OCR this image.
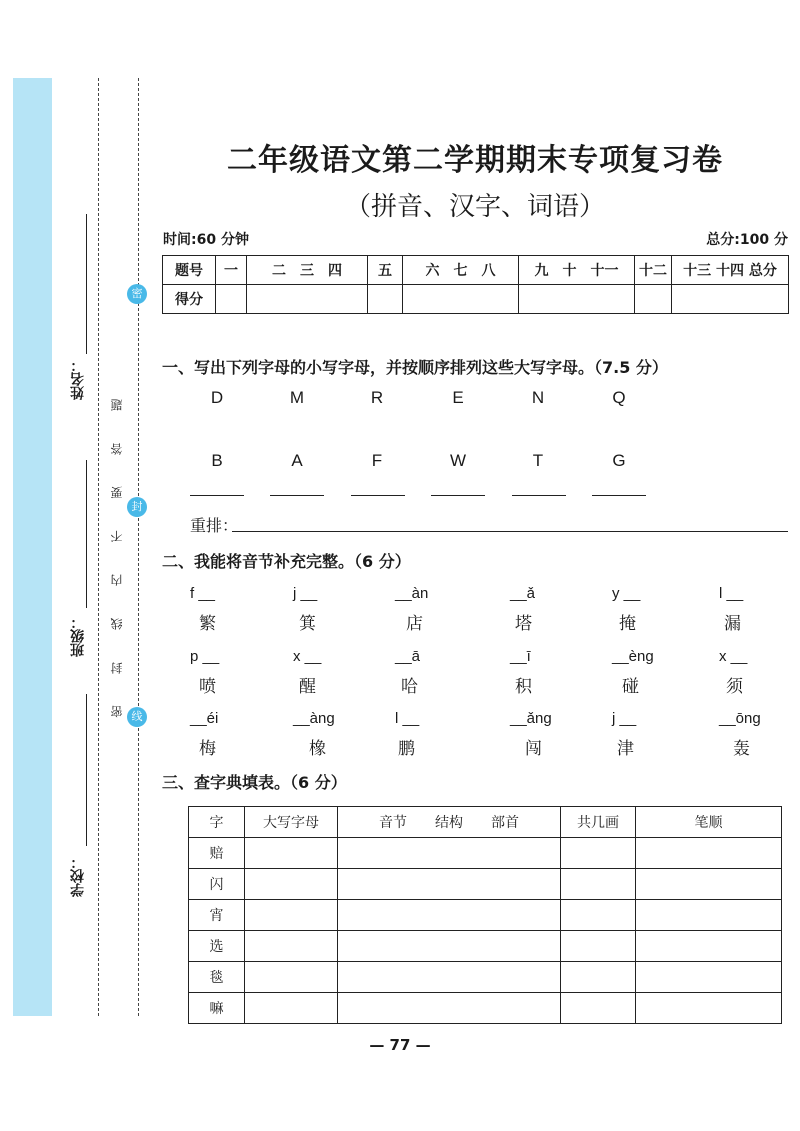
学校：
班级：
姓名：
密
封
线
密 封 线 内 不 要 答 题
二年级语文第二学期期末专项复习卷
（拼音、汉字、词语）
时间:60 分钟	总分:100 分
题号	一	二　三　四	五	六　七　八	九　十　十一	十二	十三 十四 总分
得分							
一、写出下列字母的小写字母，并按顺序排列这些大写字母。（7.5 分）
D	M	R	E	N	Q
B	A	F	W	T	G
重排：
二、我能将音节补充完整。（6 分）
f __	j __	__àn	__ǎ	y __	l __
繁	箕	店	塔	掩	漏
p __	x __	__ā	__ī	__èng	x __
喷	醒	哈	积	碰	须
__éi	__àng	l __	__ǎng	j __	__ōng
梅	橡	鹏	闯	津	轰
三、查字典填表。（6 分）
字	大写字母	音节　　结构　　部首	共几画	笔顺
赔				
闪				
宵				
选				
毯				
嘛				
— 77 —
